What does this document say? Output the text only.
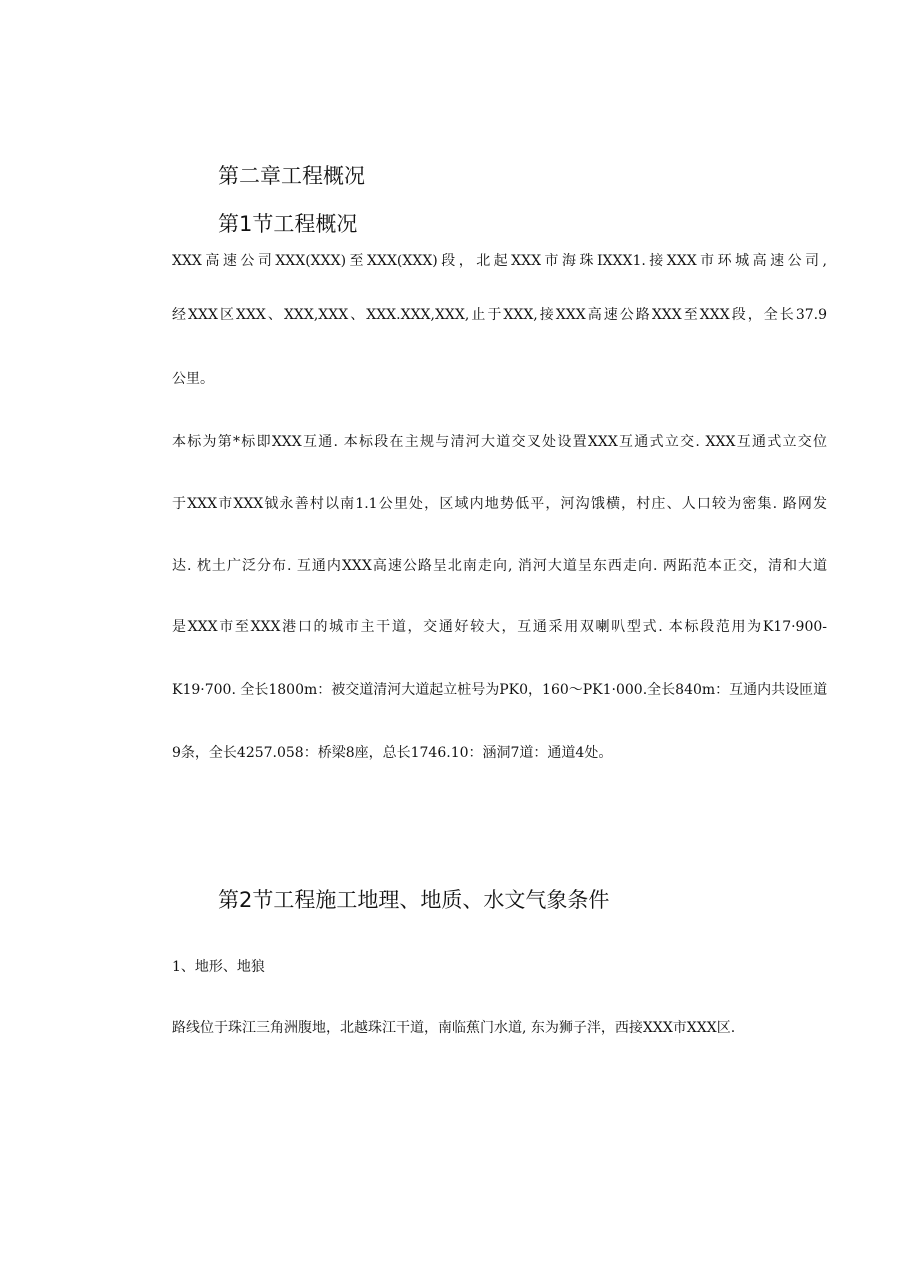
第二章工程概况
第1节工程概况
XXX高速公司XXX(XXX)至XXX(XXX)段，北起XXX市海珠IXXX1.接XXX市环城高速公司,
经XXX区XXX、XXX,XXX、XXX.XXX,XXX,止于XXX,接XXX高速公路XXX至XXX段，全长37.9
公里。
本标为第*标即XXX互通. 本标段在主规与清河大道交叉处设置XXX互通式立交. XXX互通式立交位
于XXX市XXX钺永善村以南1.1公里处，区域内地势低平，河沟饿横，村庄、人口较为密集. 路网发
达. 枕土广泛分布. 互通内XXX高速公路呈北南走向, 消河大道呈东西走向. 两跖范本正交，清和大道
是XXX市至XXX港口的城市主干道，交通好较大，互通采用双喇叭型式. 本标段范用为K17·900-
K19·700. 全长1800m：被交道清河大道起立桩号为PK0，160～PK1·000.全长840m：互通内共设匝道
9条，全长4257.058：桥梁8座，总长1746.10：涵洞7道：通道4处。
第2节工程施工地理、地质、水文气象条件
1、地形、地狼
路线位于珠江三角洲腹地，北越珠江干道，南临蕉门水道, 东为狮子泮，西接XXX市XXX区.
